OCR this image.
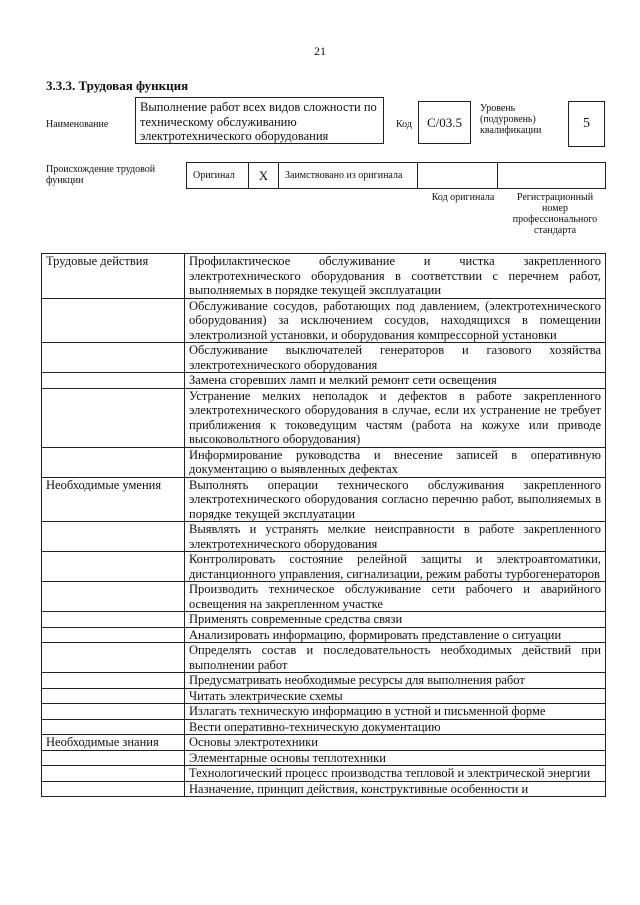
21
3.3.3. Трудовая функция
Наименование
Выполнение работ всех видов сложности по техническому обслуживанию электротехнического оборудования
Код	C/03.5
Уровень (подуровень) квалификации	5
Происхождение трудовой функции	Оригинал	X	Заимствовано из оригинала
Код оригинала	Регистрационный номер профессионального стандарта
Трудовые действия	Профилактическое обслуживание и чистка закрепленного электротехнического оборудования в соответствии с перечнем работ, выполняемых в порядке текущей эксплуатации
	Обслуживание сосудов, работающих под давлением, (электротехнического оборудования) за исключением сосудов, находящихся в помещении электролизной установки, и оборудования компрессорной установки
	Обслуживание выключателей генераторов и газового хозяйства электротехнического оборудования
	Замена сгоревших ламп и мелкий ремонт сети освещения
	Устранение мелких неполадок и дефектов в работе закрепленного электротехнического оборудования в случае, если их устранение не требует приближения к токоведущим частям (работа на кожухе или приводе высоковольтного оборудования)
	Информирование руководства и внесение записей в оперативную документацию о выявленных дефектах
Необходимые умения	Выполнять операции технического обслуживания закрепленного электротехнического оборудования согласно перечню работ, выполняемых в порядке текущей эксплуатации
	Выявлять и устранять мелкие неисправности в работе закрепленного электротехнического оборудования
	Контролировать состояние релейной защиты и электроавтоматики, дистанционного управления, сигнализации, режим работы турбогенераторов
	Производить техническое обслуживание сети рабочего и аварийного освещения на закрепленном участке
	Применять современные средства связи
	Анализировать информацию, формировать представление о ситуации
	Определять состав и последовательность необходимых действий при выполнении работ
	Предусматривать необходимые ресурсы для выполнения работ
	Читать электрические схемы
	Излагать техническую информацию в устной и письменной форме
	Вести оперативно-техническую документацию
Необходимые знания	Основы электротехники
	Элементарные основы теплотехники
	Технологический процесс производства тепловой и электрической энергии
	Назначение, принцип действия, конструктивные особенности и
